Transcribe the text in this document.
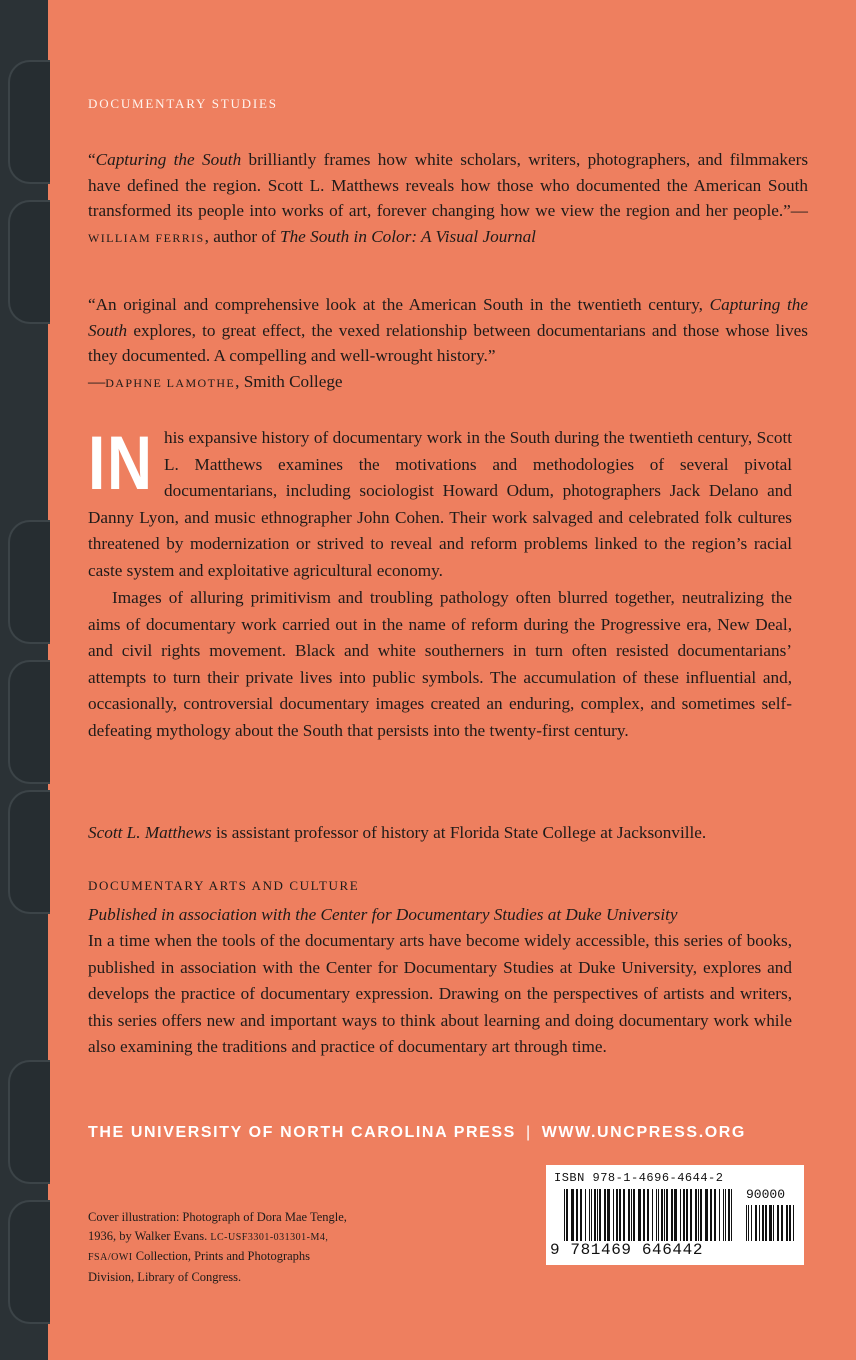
DOCUMENTARY STUDIES
“Capturing the South brilliantly frames how white scholars, writers, photographers, and filmmakers have defined the region. Scott L. Matthews reveals how those who documented the American South transformed its people into works of art, forever changing how we view the region and her people.”—WILLIAM FERRIS, author of The South in Color: A Visual Journal
“An original and comprehensive look at the American South in the twentieth century, Capturing the South explores, to great effect, the vexed relationship between documentarians and those whose lives they documented. A compelling and well-wrought history.”
—DAPHNE LAMOTHE, Smith College

IN his expansive history of documentary work in the South during the twentieth century, Scott L. Matthews examines the motivations and methodologies of several pivotal documentarians, including sociologist Howard Odum, photographers Jack Delano and Danny Lyon, and music ethnographer John Cohen. Their work salvaged and celebrated folk cultures threatened by modernization or strived to reveal and reform problems linked to the region’s racial caste system and exploitative agricultural economy.

Images of alluring primitivism and troubling pathology often blurred together, neutralizing the aims of documentary work carried out in the name of reform during the Progressive era, New Deal, and civil rights movement. Black and white southerners in turn often resisted documentarians’ attempts to turn their private lives into public symbols. The accumulation of these influential and, occasionally, controversial documentary images created an enduring, complex, and sometimes self-defeating mythology about the South that persists into the twenty-first century.

Scott L. Matthews is assistant professor of history at Florida State College at Jacksonville.
DOCUMENTARY ARTS AND CULTURE
Published in association with the Center for Documentary Studies at Duke University
In a time when the tools of the documentary arts have become widely accessible, this series of books, published in association with the Center for Documentary Studies at Duke University, explores and develops the practice of documentary expression. Drawing on the perspectives of artists and writers, this series offers new and important ways to think about learning and doing documentary work while also examining the traditions and practice of documentary art through time.
THE UNIVERSITY OF NORTH CAROLINA PRESS | WWW.UNCPRESS.ORG
Cover illustration: Photograph of Dora Mae Tengle, 1936, by Walker Evans. LC-USF3301-031301-M4, FSA/OWI Collection, Prints and Photographs Division, Library of Congress.
ISBN 978-1-4696-4644-2
90000
9 781469 646442
